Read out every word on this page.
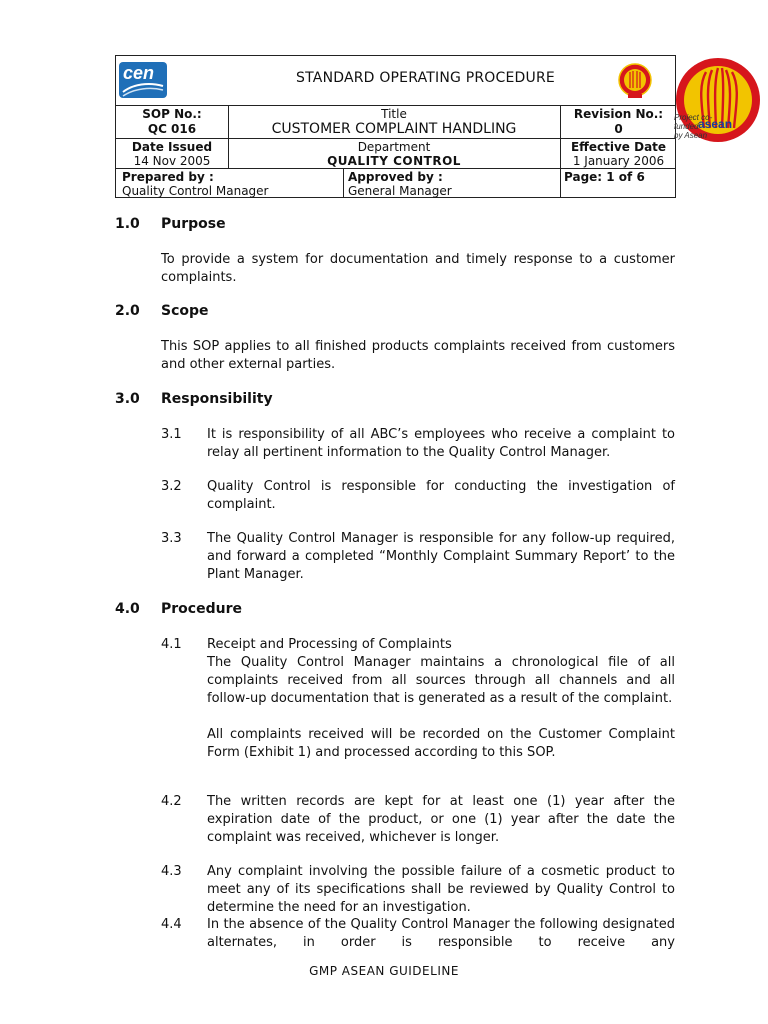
cen	STANDARD OPERATING PROCEDURE
SOP No.:
QC 016
Title
CUSTOMER COMPLAINT HANDLING
Revision No.:
0
Date Issued
14 Nov 2005
Department
QUALITY CONTROL
Effective Date
1 January 2006
Prepared by :
Quality Control Manager
Approved by :
General Manager
Page: 1 of 6
asean
Project co-
funded
by Asean
1.0 Purpose
To provide a system for documentation and timely response to a customer complaints.
2.0 Scope
This SOP applies to all finished products complaints received from customers and other external parties.
3.0 Responsibility
3.1 It is responsibility of all ABC’s employees who receive a complaint to relay all pertinent information to the Quality Control Manager.
3.2 Quality Control is responsible for conducting the investigation of complaint.
3.3 The Quality Control Manager is responsible for any follow-up required, and forward a completed “Monthly Complaint Summary Report’ to the Plant Manager.
4.0 Procedure
4.1 Receipt and Processing of Complaints
The Quality Control Manager maintains a chronological file of all complaints received from all sources through all channels and all follow-up documentation that is generated as a result of the complaint.
All complaints received will be recorded on the Customer Complaint Form (Exhibit 1) and processed according to this SOP.
4.2 The written records are kept for at least one (1) year after the expiration date of the product, or one (1) year after the date the complaint was received, whichever is longer.
4.3 Any complaint involving the possible failure of a cosmetic product to meet any of its specifications shall be reviewed by Quality Control to determine the need for an investigation.
4.4 In the absence of the Quality Control Manager the following designated alternates, in order is responsible to receive any
GMP ASEAN GUIDELINE
